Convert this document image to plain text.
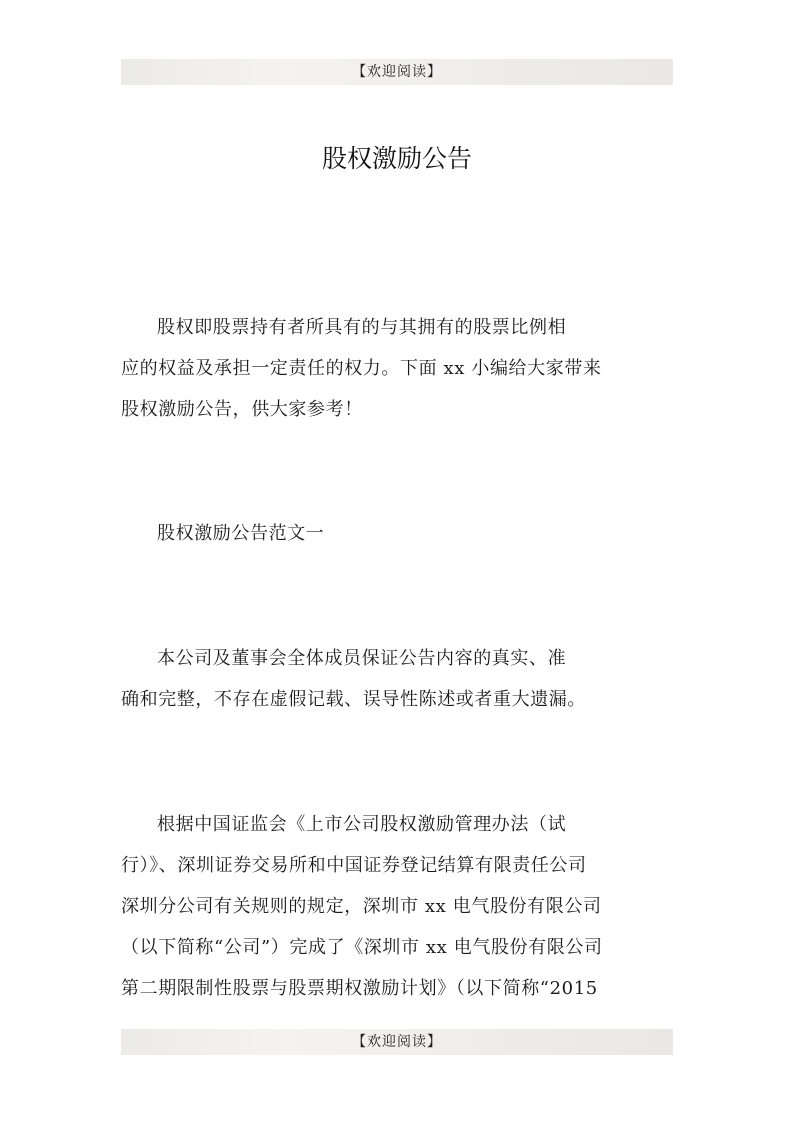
【欢迎阅读】
股权激励公告

股权即股票持有者所具有的与其拥有的股票比例相
应的权益及承担一定责任的权力。下面 xx 小编给大家带来
股权激励公告，供大家参考！

股权激励公告范文一

本公司及董事会全体成员保证公告内容的真实、准
确和完整，不存在虚假记载、误导性陈述或者重大遗漏。

根据中国证监会《上市公司股权激励管理办法（试
行）》、深圳证券交易所和中国证券登记结算有限责任公司
深圳分公司有关规则的规定，深圳市 xx 电气股份有限公司
（以下简称“公司”）完成了《深圳市 xx 电气股份有限公司
第二期限制性股票与股票期权激励计划》（以下简称“2015

【欢迎阅读】
